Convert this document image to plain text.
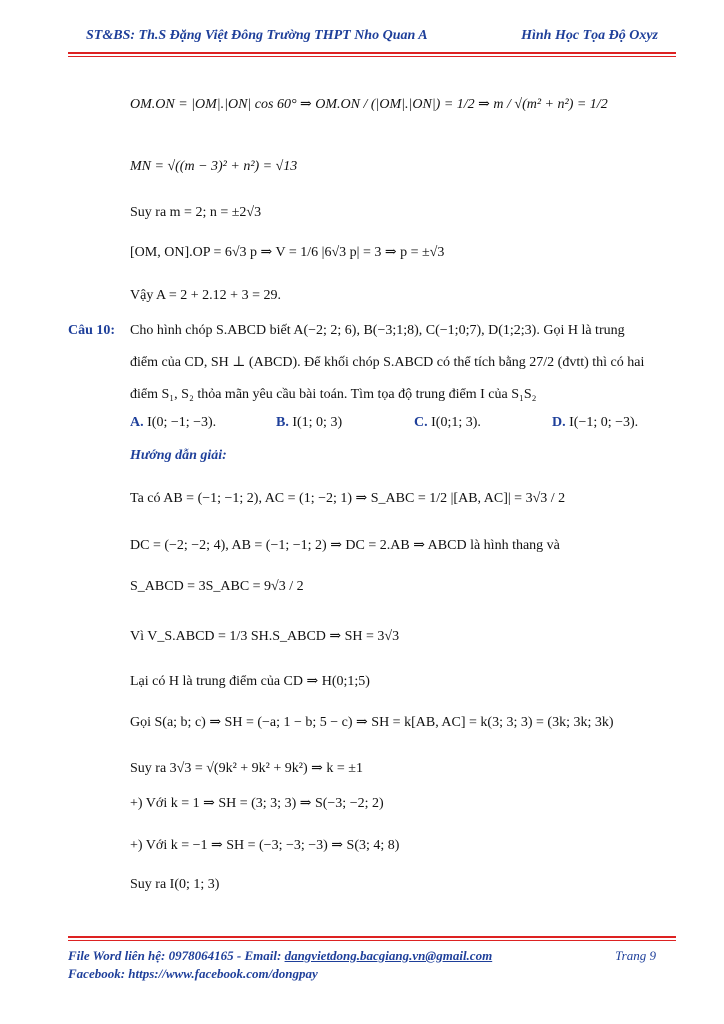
ST&BS: Th.S Đặng Việt Đông Trường THPT Nho Quan A	Hình Học Tọa Độ Oxyz
OM.ON = |OM|.|ON| cos 60° ⇒ OM.ON / (|OM|.|ON|) = 1/2 ⇒ m / √(m² + n²) = 1/2
MN = √((m − 3)² + n²) = √13
Suy ra m = 2; n = ±2√3
[OM, ON].OP = 6√3 p ⇒ V = 1/6 |6√3 p| = 3 ⇒ p = ±√3
Vậy A = 2 + 2.12 + 3 = 29.
Câu 10: Cho hình chóp S.ABCD biết A(−2; 2; 6), B(−3;1;8), C(−1;0;7), D(1;2;3). Gọi H là trung
điểm của CD, SH ⊥ (ABCD). Để khối chóp S.ABCD có thể tích bằng 27/2 (đvtt) thì có hai
điểm S₁, S₂ thỏa mãn yêu cầu bài toán. Tìm tọa độ trung điểm I của S₁S₂
A. I(0; −1; −3).	B. I(1; 0; 3)	C. I(0;1; 3).	D. I(−1; 0; −3).
Hướng dẫn giải:
Ta có AB = (−1; −1; 2), AC = (1; −2; 1) ⇒ S_ABC = 1/2 |[AB, AC]| = 3√3 / 2
DC = (−2; −2; 4), AB = (−1; −1; 2) ⇒ DC = 2.AB ⇒ ABCD là hình thang và
S_ABCD = 3S_ABC = 9√3 / 2
Vì V_S.ABCD = 1/3 SH.S_ABCD ⇒ SH = 3√3
Lại có H là trung điểm của CD ⇒ H(0;1;5)
Gọi S(a; b; c) ⇒ SH = (−a; 1 − b; 5 − c) ⇒ SH = k[AB, AC] = k(3; 3; 3) = (3k; 3k; 3k)
Suy ra 3√3 = √(9k² + 9k² + 9k²) ⇒ k = ±1
+) Với k = 1 ⇒ SH = (3; 3; 3) ⇒ S(−3; −2; 2)
+) Với k = −1 ⇒ SH = (−3; −3; −3) ⇒ S(3; 4; 8)
Suy ra I(0; 1; 3)
File Word liên hệ: 0978064165 - Email: dangvietdong.bacgiang.vn@gmail.com	Trang 9
Facebook: https://www.facebook.com/dongpay
